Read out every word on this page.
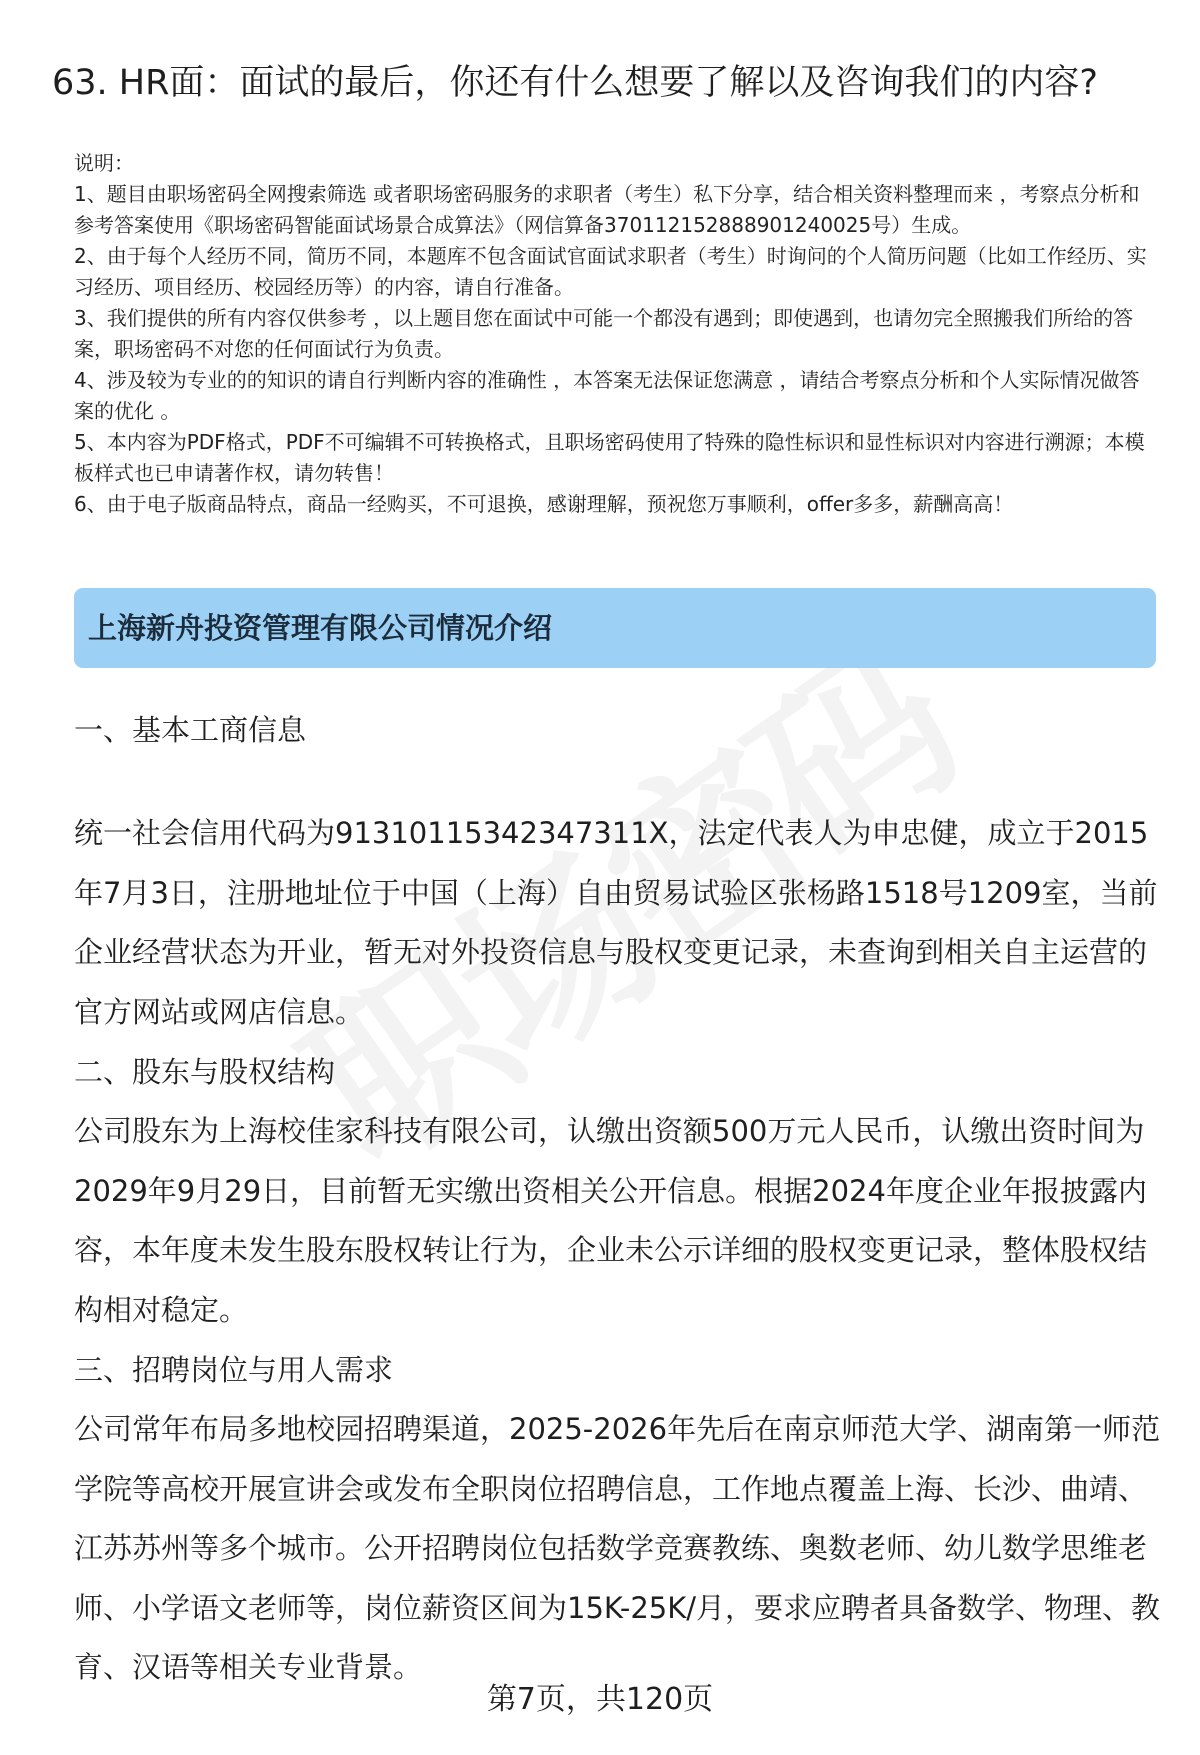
63. HR面：面试的最后，你还有什么想要了解以及咨询我们的内容?

说明：

1、题目由职场密码全网搜索筛选 或者职场密码服务的求职者（考生）私下分享，结合相关资料整理而来 ，考察点分析和参考答案使用《职场密码智能面试场景合成算法》（网信算备370112152888901240025号）生成。

2、由于每个人经历不同，简历不同，本题库不包含面试官面试求职者（考生）时询问的个人简历问题（比如工作经历、实习经历、项目经历、校园经历等）的内容，请自行准备。

3、我们提供的所有内容仅供参考 ，以上题目您在面试中可能一个都没有遇到；即使遇到，也请勿完全照搬我们所给的答案，职场密码不对您的任何面试行为负责。

4、涉及较为专业的的知识的请自行判断内容的准确性 ，本答案无法保证您满意 ，请结合考察点分析和个人实际情况做答案的优化 。

5、本内容为PDF格式，PDF不可编辑不可转换格式，且职场密码使用了特殊的隐性标识和显性标识对内容进行溯源；本模板样式也已申请著作权，请勿转售！

6、由于电子版商品特点，商品一经购买，不可退换，感谢理解，预祝您万事顺利，offer多多，薪酬高高！

上海新舟投资管理有限公司情况介绍
一、基本工商信息

统一社会信用代码为91310115342347311X，法定代表人为申忠健，成立于2015年7月3日，注册地址位于中国（上海）自由贸易试验区张杨路1518号1209室，当前企业经营状态为开业，暂无对外投资信息与股权变更记录，未查询到相关自主运营的官方网站或网店信息。

二、股东与股权结构

公司股东为上海校佳家科技有限公司，认缴出资额500万元人民币，认缴出资时间为2029年9月29日，目前暂无实缴出资相关公开信息。根据2024年度企业年报披露内容，本年度未发生股东股权转让行为，企业未公示详细的股权变更记录，整体股权结构相对稳定。

三、招聘岗位与用人需求

公司常年布局多地校园招聘渠道，2025-2026年先后在南京师范大学、湖南第一师范学院等高校开展宣讲会或发布全职岗位招聘信息，工作地点覆盖上海、长沙、曲靖、江苏苏州等多个城市。公开招聘岗位包括数学竞赛教练、奥数老师、幼儿数学思维老师、小学语文老师等，岗位薪资区间为15K-25K/月，要求应聘者具备数学、物理、教育、汉语等相关专业背景。

第7页，共120页
